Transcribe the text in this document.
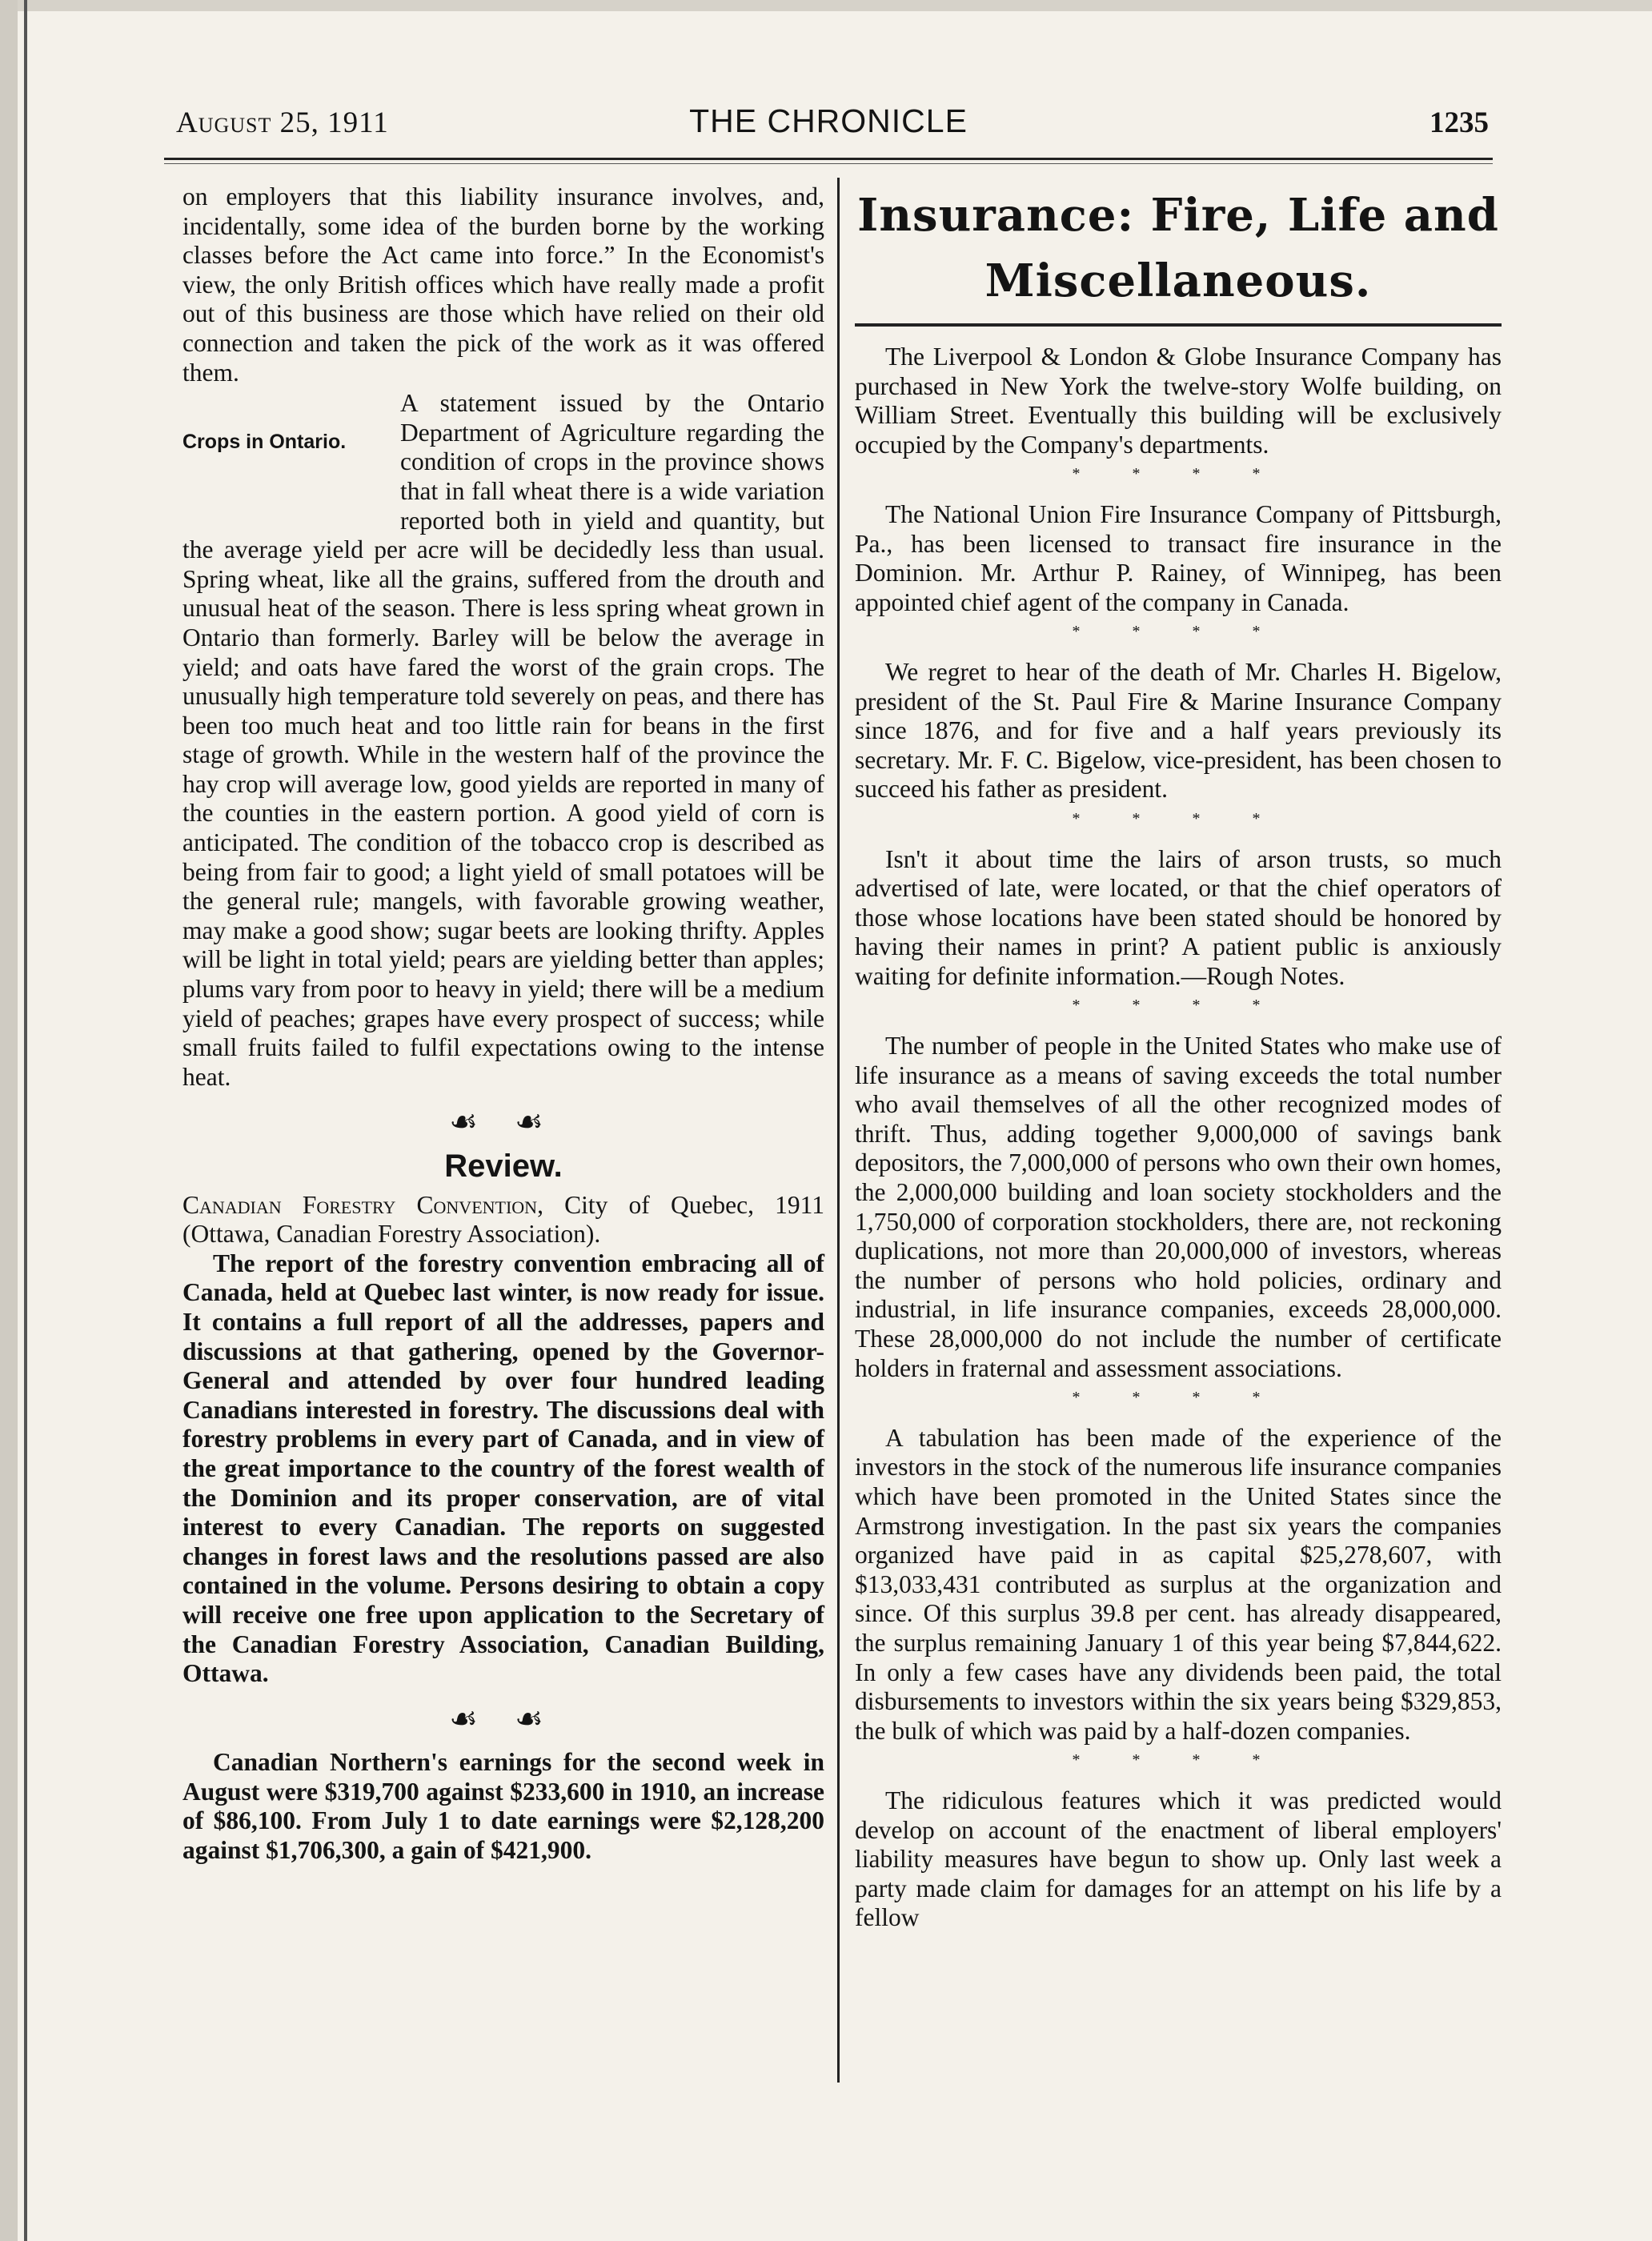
August 25, 1911	THE CHRONICLE	1235

on employers that this liability insurance involves, and, incidentally, some idea of the burden borne by the working classes before the Act came into force.” In the Economist's view, the only British offices which have really made a profit out of this business are those which have relied on their old connection and taken the pick of the work as it was offered them.

Crops in Ontario.

A statement issued by the Ontario Department of Agriculture regarding the condition of crops in the province shows that in fall wheat there is a wide variation reported both in yield and quantity, but the average yield per acre will be decidedly less than usual. Spring wheat, like all the grains, suffered from the drouth and unusual heat of the season. There is less spring wheat grown in Ontario than formerly. Barley will be below the average in yield; and oats have fared the worst of the grain crops. The unusually high temperature told severely on peas, and there has been too much heat and too little rain for beans in the first stage of growth. While in the western half of the province the hay crop will average low, good yields are reported in many of the counties in the eastern portion. A good yield of corn is anticipated. The condition of the tobacco crop is described as being from fair to good; a light yield of small potatoes will be the general rule; mangels, with favorable growing weather, may make a good show; sugar beets are looking thrifty. Apples will be light in total yield; pears are yielding better than apples; plums vary from poor to heavy in yield; there will be a medium yield of peaches; grapes have every prospect of success; while small fruits failed to fulfil expectations owing to the intense heat.

☙ ☙
Review.

Canadian Forestry Convention, City of Quebec, 1911 (Ottawa, Canadian Forestry Association).

The report of the forestry convention embracing all of Canada, held at Quebec last winter, is now ready for issue. It contains a full report of all the addresses, papers and discussions at that gathering, opened by the Governor-General and attended by over four hundred leading Canadians interested in forestry. The discussions deal with forestry problems in every part of Canada, and in view of the great importance to the country of the forest wealth of the Dominion and its proper conservation, are of vital interest to every Canadian. The reports on suggested changes in forest laws and the resolutions passed are also contained in the volume. Persons desiring to obtain a copy will receive one free upon application to the Secretary of the Canadian Forestry Association, Canadian Building, Ottawa.

☙ ☙

Canadian Northern's earnings for the second week in August were $319,700 against $233,600 in 1910, an increase of $86,100. From July 1 to date earnings were $2,128,200 against $1,706,300, a gain of $421,900.

Insurance: Fire, Life and
Miscellaneous.

The Liverpool & London & Globe Insurance Company has purchased in New York the twelve-story Wolfe building, on William Street. Eventually this building will be exclusively occupied by the Company's departments.

* * * *

The National Union Fire Insurance Company of Pittsburgh, Pa., has been licensed to transact fire insurance in the Dominion. Mr. Arthur P. Rainey, of Winnipeg, has been appointed chief agent of the company in Canada.

* * * *

We regret to hear of the death of Mr. Charles H. Bigelow, president of the St. Paul Fire & Marine Insurance Company since 1876, and for five and a half years previously its secretary. Mr. F. C. Bigelow, vice-president, has been chosen to succeed his father as president.

* * * *

Isn't it about time the lairs of arson trusts, so much advertised of late, were located, or that the chief operators of those whose locations have been stated should be honored by having their names in print? A patient public is anxiously waiting for definite information.—Rough Notes.

* * * *

The number of people in the United States who make use of life insurance as a means of saving exceeds the total number who avail themselves of all the other recognized modes of thrift. Thus, adding together 9,000,000 of savings bank depositors, the 7,000,000 of persons who own their own homes, the 2,000,000 building and loan society stockholders and the 1,750,000 of corporation stockholders, there are, not reckoning duplications, not more than 20,000,000 of investors, whereas the number of persons who hold policies, ordinary and industrial, in life insurance companies, exceeds 28,000,000. These 28,000,000 do not include the number of certificate holders in fraternal and assessment associations.

* * * *

A tabulation has been made of the experience of the investors in the stock of the numerous life insurance companies which have been promoted in the United States since the Armstrong investigation. In the past six years the companies organized have paid in as capital $25,278,607, with $13,033,431 contributed as surplus at the organization and since. Of this surplus 39.8 per cent. has already disappeared, the surplus remaining January 1 of this year being $7,844,622. In only a few cases have any dividends been paid, the total disbursements to investors within the six years being $329,853, the bulk of which was paid by a half-dozen companies.

* * * *

The ridiculous features which it was predicted would develop on account of the enactment of liberal employers' liability measures have begun to show up. Only last week a party made claim for damages for an attempt on his life by a fellow
